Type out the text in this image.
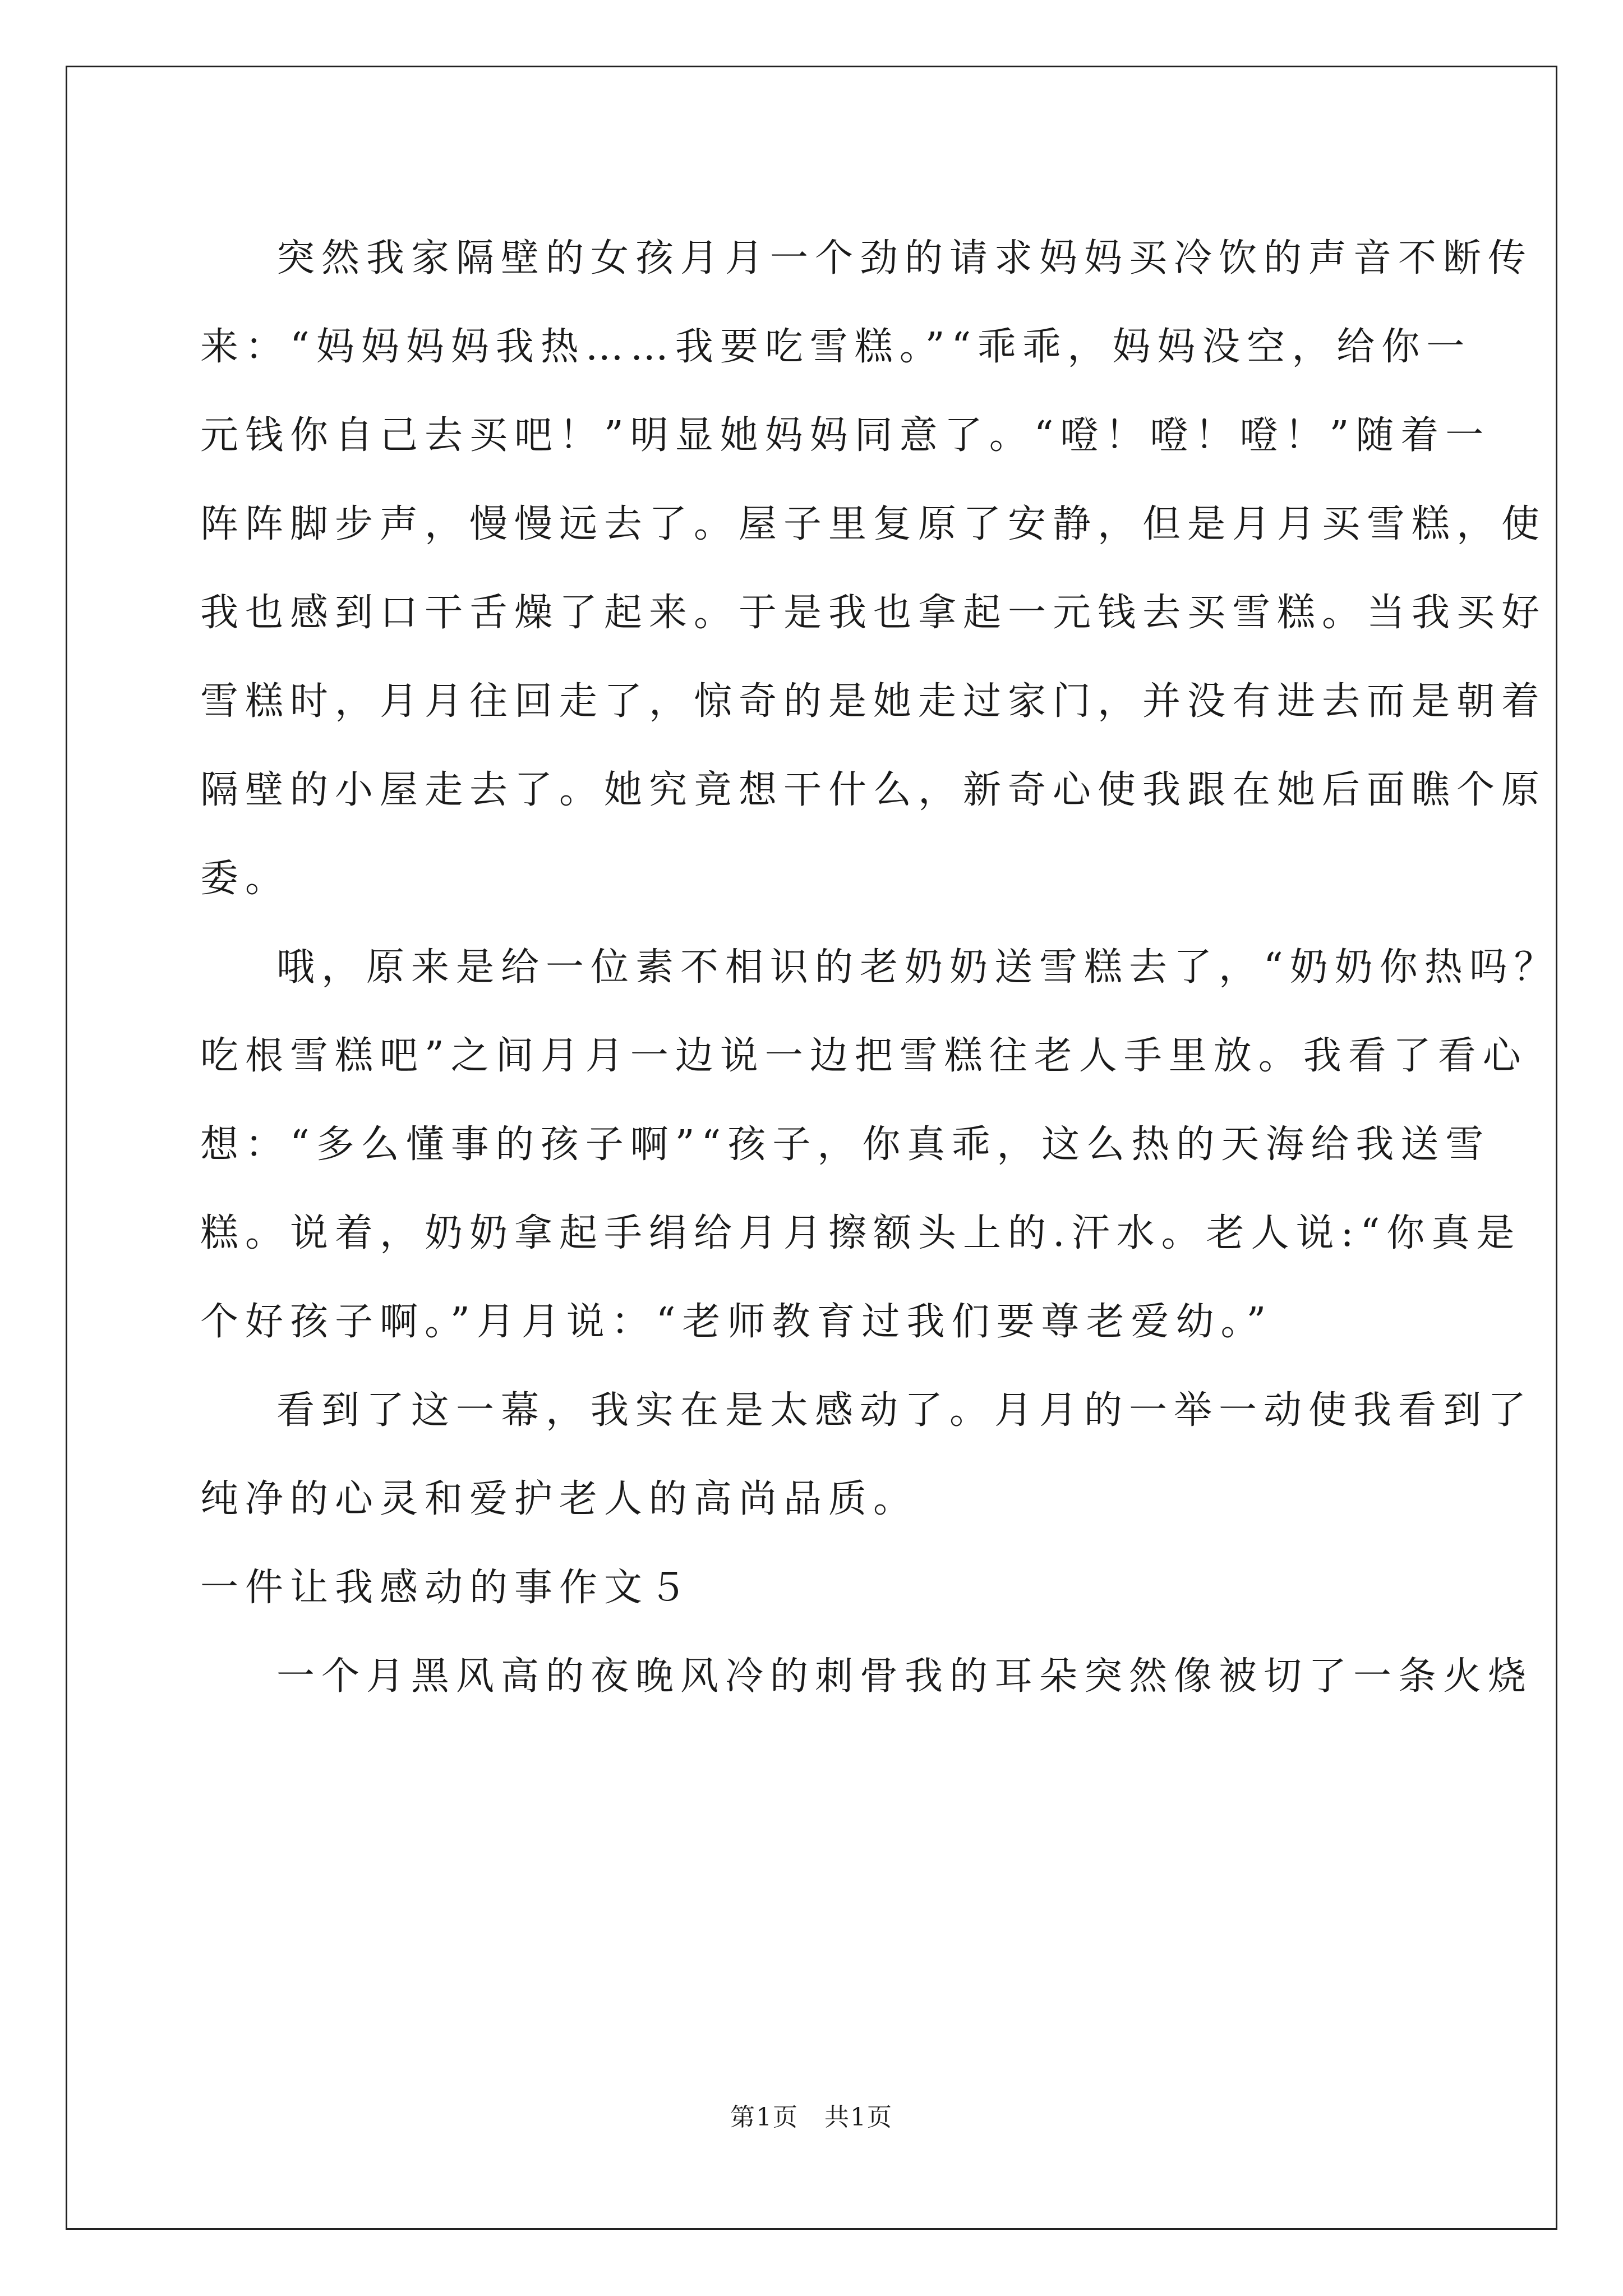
突然我家隔壁的女孩月月一个劲的请求妈妈买冷饮的声音不断传
来：“妈妈妈妈我热……我要吃雪糕。”“乖乖，妈妈没空，给你一
元钱你自己去买吧！”明显她妈妈同意了。“噔！噔！噔！”随着一
阵阵脚步声，慢慢远去了。屋子里复原了安静，但是月月买雪糕，使
我也感到口干舌燥了起来。于是我也拿起一元钱去买雪糕。当我买好
雪糕时，月月往回走了，惊奇的是她走过家门，并没有进去而是朝着
隔壁的小屋走去了。她究竟想干什么，新奇心使我跟在她后面瞧个原
委。
哦，原来是给一位素不相识的老奶奶送雪糕去了，“奶奶你热吗？
吃根雪糕吧”之间月月一边说一边把雪糕往老人手里放。我看了看心
想：“多么懂事的孩子啊”“孩子，你真乖，这么热的天海给我送雪
糕。说着，奶奶拿起手绢给月月擦额头上的.汗水。老人说:“你真是
个好孩子啊。”月月说：“老师教育过我们要尊老爱幼。”
看到了这一幕，我实在是太感动了。月月的一举一动使我看到了
纯净的心灵和爱护老人的高尚品质。
一件让我感动的事作文５
一个月黑风高的夜晚风冷的刺骨我的耳朵突然像被切了一条火烧
第1页　共1页
